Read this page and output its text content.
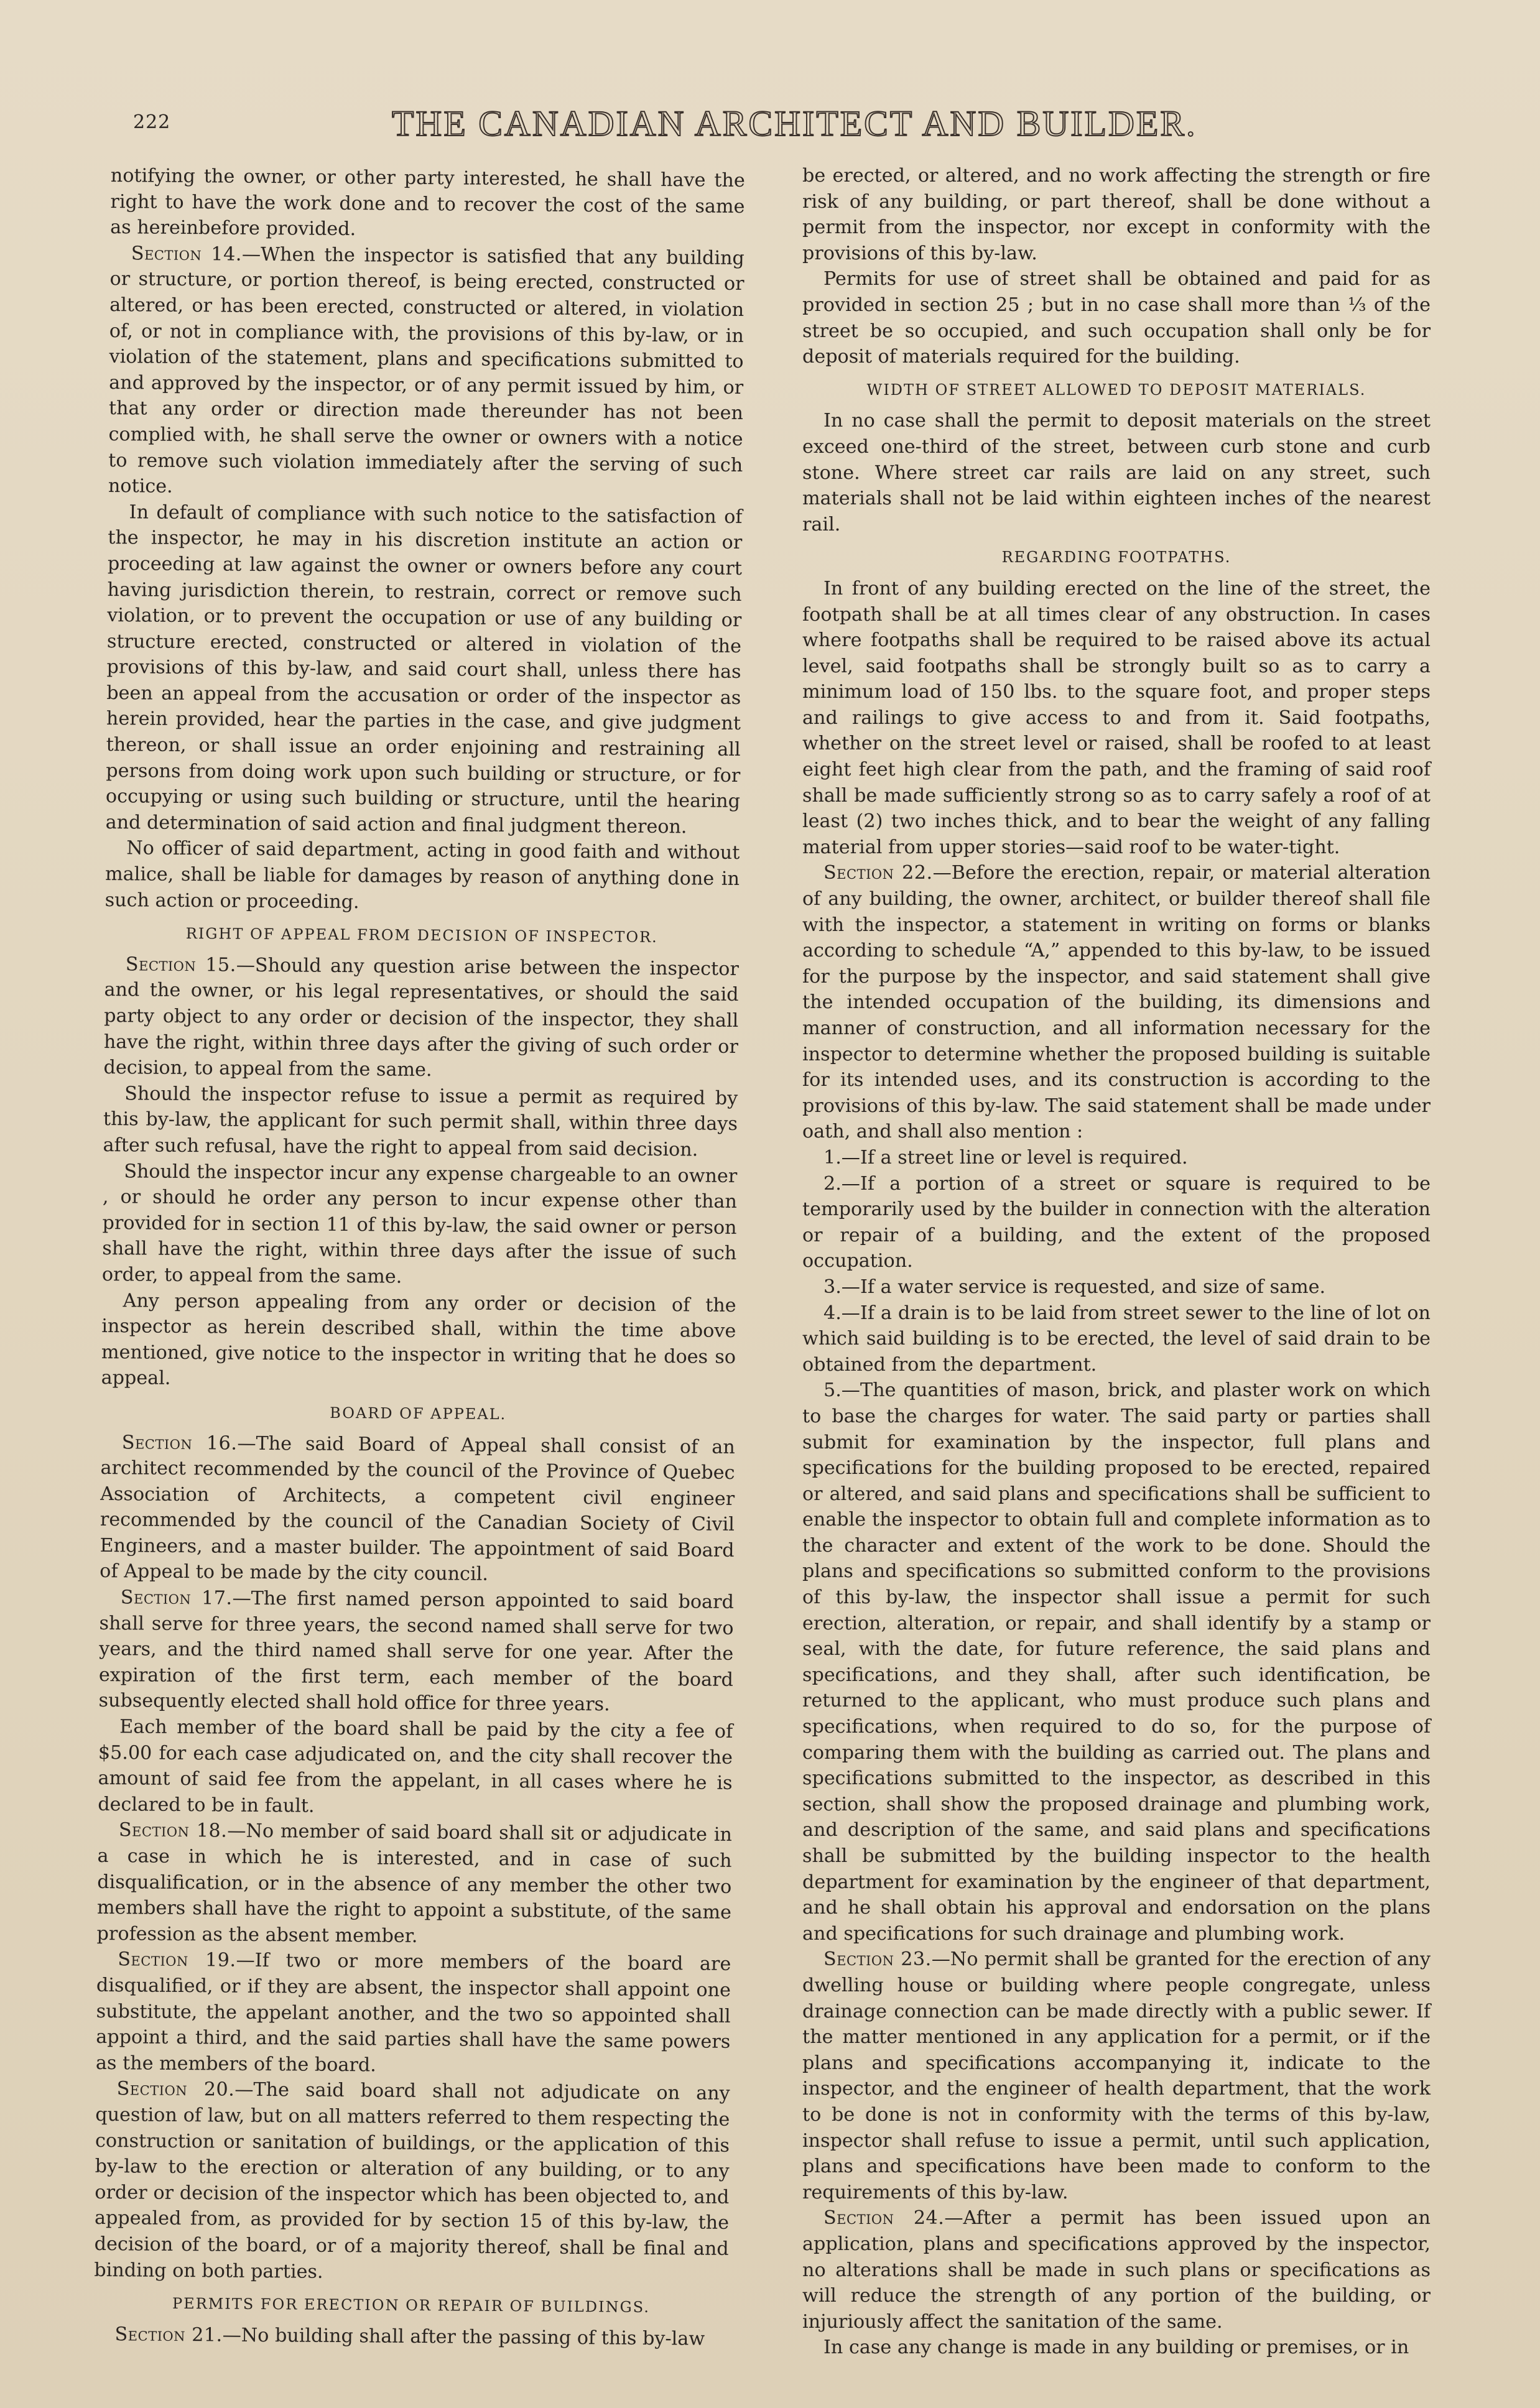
222	THE CANADIAN ARCHITECT AND BUILDER.

notifying the owner, or other party interested, he shall have the right to have the work done and to recover the cost of the same as hereinbefore provided.

Section 14.—When the inspector is satisfied that any building or structure, or portion thereof, is being erected, constructed or altered, or has been erected, constructed or altered, in violation of, or not in compliance with, the provisions of this by-law, or in violation of the statement, plans and specifications submitted to and approved by the inspector, or of any permit issued by him, or that any order or direction made thereunder has not been complied with, he shall serve the owner or owners with a notice to remove such violation immediately after the serving of such notice.

In default of compliance with such notice to the satisfaction of the inspector, he may in his discretion institute an action or proceeding at law against the owner or owners before any court having jurisdiction therein, to restrain, correct or remove such violation, or to prevent the occupation or use of any building or structure erected, constructed or altered in violation of the provisions of this by-law, and said court shall, unless there has been an appeal from the accusation or order of the inspector as herein provided, hear the parties in the case, and give judgment thereon, or shall issue an order enjoining and restraining all persons from doing work upon such building or structure, or for occupying or using such building or structure, until the hearing and determination of said action and final judgment thereon.

No officer of said department, acting in good faith and without malice, shall be liable for damages by reason of anything done in such action or proceeding.

RIGHT OF APPEAL FROM DECISION OF INSPECTOR.

Section 15.—Should any question arise between the inspector and the owner, or his legal representatives, or should the said party object to any order or decision of the inspector, they shall have the right, within three days after the giving of such order or decision, to appeal from the same.

Should the inspector refuse to issue a permit as required by this by-law, the applicant for such permit shall, within three days after such refusal, have the right to appeal from said decision.

Should the inspector incur any expense chargeable to an owner , or should he order any person to incur expense other than provided for in section 11 of this by-law, the said owner or person shall have the right, within three days after the issue of such order, to appeal from the same.

Any person appealing from any order or decision of the inspector as herein described shall, within the time above mentioned, give notice to the inspector in writing that he does so appeal.

BOARD OF APPEAL.

Section 16.—The said Board of Appeal shall consist of an architect recommended by the council of the Province of Quebec Association of Architects, a competent civil engineer recommended by the council of the Canadian Society of Civil Engineers, and a master builder. The appointment of said Board of Appeal to be made by the city council.

Section 17.—The first named person appointed to said board shall serve for three years, the second named shall serve for two years, and the third named shall serve for one year. After the expiration of the first term, each member of the board subsequently elected shall hold office for three years.

Each member of the board shall be paid by the city a fee of $5.00 for each case adjudicated on, and the city shall recover the amount of said fee from the appelant, in all cases where he is declared to be in fault.

Section 18.—No member of said board shall sit or adjudicate in a case in which he is interested, and in case of such disqualification, or in the absence of any member the other two members shall have the right to appoint a substitute, of the same profession as the absent member.

Section 19.—If two or more members of the board are disqualified, or if they are absent, the inspector shall appoint one substitute, the appelant another, and the two so appointed shall appoint a third, and the said parties shall have the same powers as the members of the board.

Section 20.—The said board shall not adjudicate on any question of law, but on all matters referred to them respecting the construction or sanitation of buildings, or the application of this by-law to the erection or alteration of any building, or to any order or decision of the inspector which has been objected to, and appealed from, as provided for by section 15 of this by-law, the decision of the board, or of a majority thereof, shall be final and binding on both parties.

PERMITS FOR ERECTION OR REPAIR OF BUILDINGS.

Section 21.—No building shall after the passing of this by-law

be erected, or altered, and no work affecting the strength or fire risk of any building, or part thereof, shall be done without a permit from the inspector, nor except in conformity with the provisions of this by-law.

Permits for use of street shall be obtained and paid for as provided in section 25 ; but in no case shall more than ⅓ of the street be so occupied, and such occupation shall only be for deposit of materials required for the building.

WIDTH OF STREET ALLOWED TO DEPOSIT MATERIALS.

In no case shall the permit to deposit materials on the street exceed one-third of the street, between curb stone and curb stone. Where street car rails are laid on any street, such materials shall not be laid within eighteen inches of the nearest rail.

REGARDING FOOTPATHS.

In front of any building erected on the line of the street, the footpath shall be at all times clear of any obstruction. In cases where footpaths shall be required to be raised above its actual level, said footpaths shall be strongly built so as to carry a minimum load of 150 lbs. to the square foot, and proper steps and railings to give access to and from it. Said footpaths, whether on the street level or raised, shall be roofed to at least eight feet high clear from the path, and the framing of said roof shall be made sufficiently strong so as to carry safely a roof of at least (2) two inches thick, and to bear the weight of any falling material from upper stories—said roof to be water-tight.

Section 22.—Before the erection, repair, or material alteration of any building, the owner, architect, or builder thereof shall file with the inspector, a statement in writing on forms or blanks according to schedule “A,” appended to this by-law, to be issued for the purpose by the inspector, and said statement shall give the intended occupation of the building, its dimensions and manner of construction, and all information necessary for the inspector to determine whether the proposed building is suitable for its intended uses, and its construction is according to the provisions of this by-law. The said statement shall be made under oath, and shall also mention :

1.—If a street line or level is required.

2.—If a portion of a street or square is required to be temporarily used by the builder in connection with the alteration or repair of a building, and the extent of the proposed occupation.

3.—If a water service is requested, and size of same.

4.—If a drain is to be laid from street sewer to the line of lot on which said building is to be erected, the level of said drain to be obtained from the department.

5.—The quantities of mason, brick, and plaster work on which to base the charges for water. The said party or parties shall submit for examination by the inspector, full plans and specifications for the building proposed to be erected, repaired or altered, and said plans and specifications shall be sufficient to enable the inspector to obtain full and complete information as to the character and extent of the work to be done. Should the plans and specifications so submitted conform to the provisions of this by-law, the inspector shall issue a permit for such erection, alteration, or repair, and shall identify by a stamp or seal, with the date, for future reference, the said plans and specifications, and they shall, after such identification, be returned to the applicant, who must produce such plans and specifications, when required to do so, for the purpose of comparing them with the building as carried out. The plans and specifications submitted to the inspector, as described in this section, shall show the proposed drainage and plumbing work, and description of the same, and said plans and specifications shall be submitted by the building inspector to the health department for examination by the engineer of that department, and he shall obtain his approval and endorsation on the plans and specifications for such drainage and plumbing work.

Section 23.—No permit shall be granted for the erection of any dwelling house or building where people congregate, unless drainage connection can be made directly with a public sewer. If the matter mentioned in any application for a permit, or if the plans and specifications accompanying it, indicate to the inspector, and the engineer of health department, that the work to be done is not in conformity with the terms of this by-law, inspector shall refuse to issue a permit, until such application, plans and specifications have been made to conform to the requirements of this by-law.

Section 24.—After a permit has been issued upon an application, plans and specifications approved by the inspector, no alterations shall be made in such plans or specifications as will reduce the strength of any portion of the building, or injuriously affect the sanitation of the same.

In case any change is made in any building or premises, or in
